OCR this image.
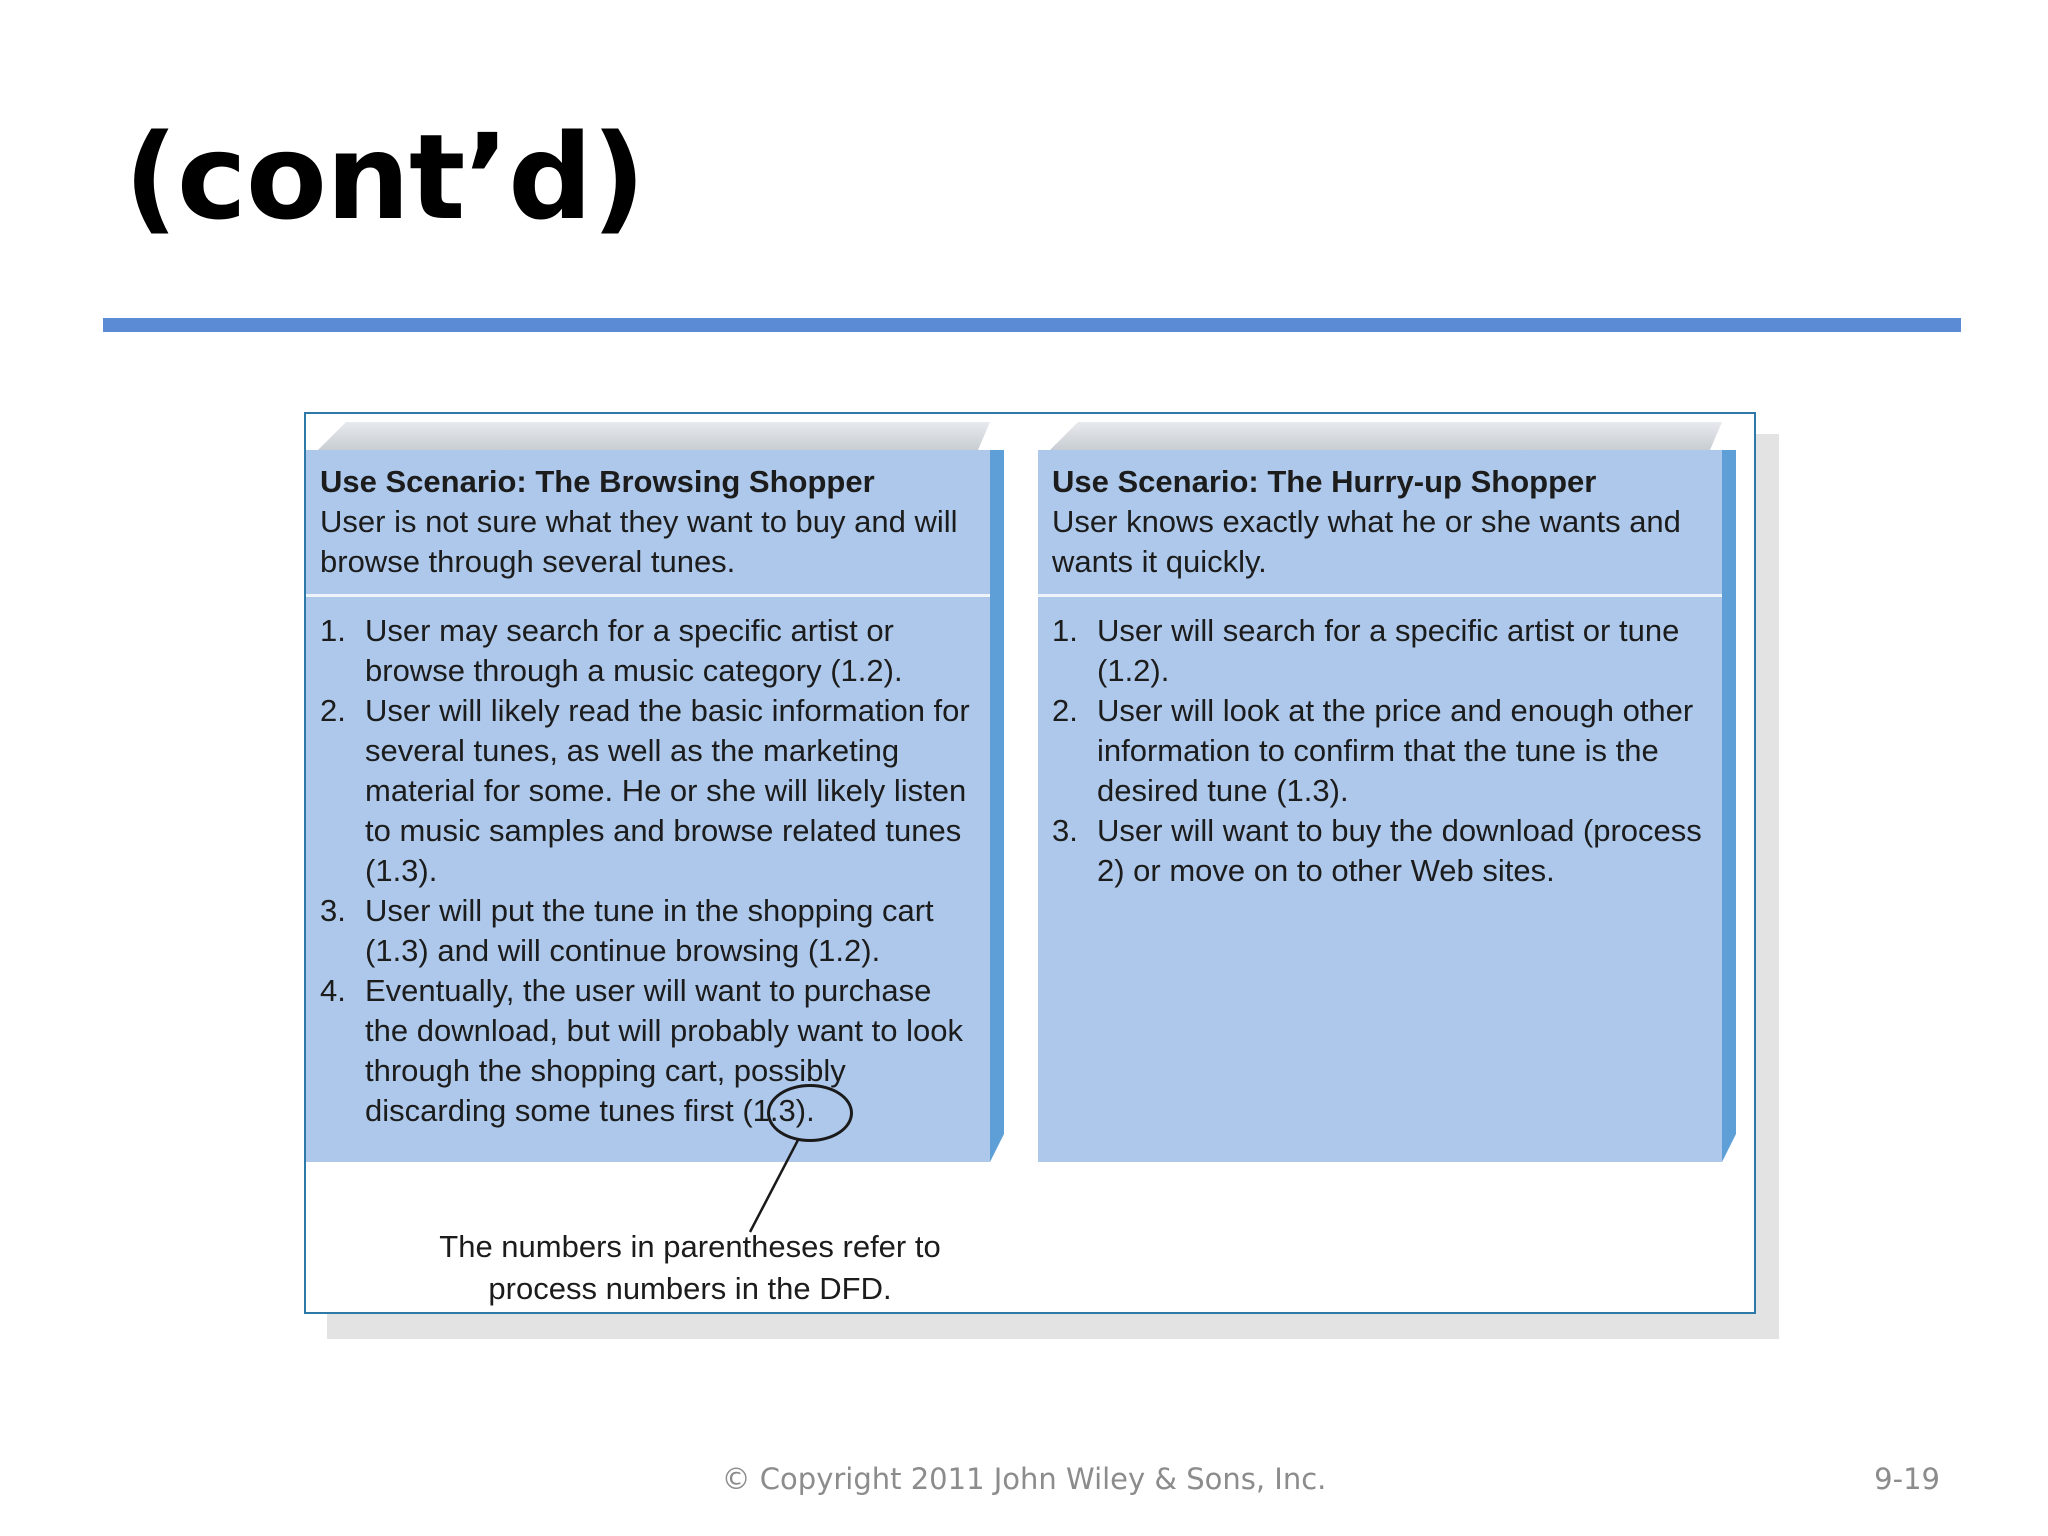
(cont’d)
Use Scenario: The Browsing Shopper
User is not sure what they want to buy and will browse through several tunes.
1. User may search for a specific artist or browse through a music category (1.2).
2. User will likely read the basic information for several tunes, as well as the marketing material for some. He or she will likely listen to music samples and browse related tunes (1.3).
3. User will put the tune in the shopping cart (1.3) and will continue browsing (1.2).
4. Eventually, the user will want to purchase the download, but will probably want to look through the shopping cart, possibly discarding some tunes first (1.3).
Use Scenario: The Hurry-up Shopper
User knows exactly what he or she wants and wants it quickly.
1. User will search for a specific artist or tune (1.2).
2. User will look at the price and enough other information to confirm that the tune is the desired tune (1.3).
3. User will want to buy the download (process 2) or move on to other Web sites.
The numbers in parentheses refer to process numbers in the DFD.
© Copyright 2011 John Wiley & Sons, Inc.	9-19
